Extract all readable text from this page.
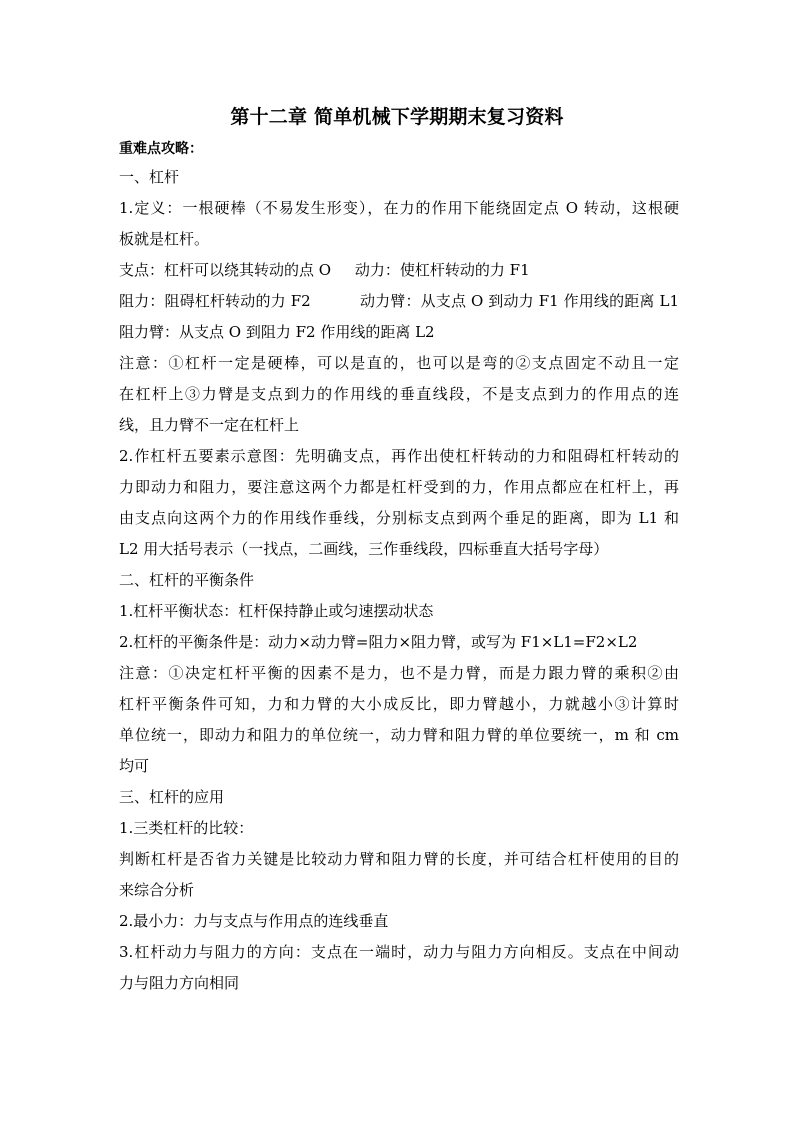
第十二章 简单机械下学期期末复习资料
重难点攻略：
一、杠杆
1.定义：一根硬棒（不易发生形变），在力的作用下能绕固定点 O 转动，这根硬
板就是杠杆。
支点：杠杆可以绕其转动的点 O     动力：使杠杆转动的力 F1
阻力：阻碍杠杆转动的力 F2          动力臂：从支点 O 到动力 F1 作用线的距离 L1
阻力臂：从支点 O 到阻力 F2 作用线的距离 L2
注意：①杠杆一定是硬棒，可以是直的，也可以是弯的②支点固定不动且一定
在杠杆上③力臂是支点到力的作用线的垂直线段，不是支点到力的作用点的连
线，且力臂不一定在杠杆上
2.作杠杆五要素示意图：先明确支点，再作出使杠杆转动的力和阻碍杠杆转动的
力即动力和阻力，要注意这两个力都是杠杆受到的力，作用点都应在杠杆上，再
由支点向这两个力的作用线作垂线，分别标支点到两个垂足的距离，即为 L1 和
L2 用大括号表示（一找点，二画线，三作垂线段，四标垂直大括号字母）
二、杠杆的平衡条件
1.杠杆平衡状态：杠杆保持静止或匀速摆动状态
2.杠杆的平衡条件是：动力×动力臂=阻力×阻力臂，或写为 F1×L1=F2×L2
注意：①决定杠杆平衡的因素不是力，也不是力臂，而是力跟力臂的乘积②由
杠杆平衡条件可知，力和力臂的大小成反比，即力臂越小，力就越小③计算时
单位统一，即动力和阻力的单位统一，动力臂和阻力臂的单位要统一，m 和 cm
均可
三、杠杆的应用
1.三类杠杆的比较：
判断杠杆是否省力关键是比较动力臂和阻力臂的长度，并可结合杠杆使用的目的
来综合分析
2.最小力：力与支点与作用点的连线垂直
3.杠杆动力与阻力的方向：支点在一端时，动力与阻力方向相反。支点在中间动
力与阻力方向相同
